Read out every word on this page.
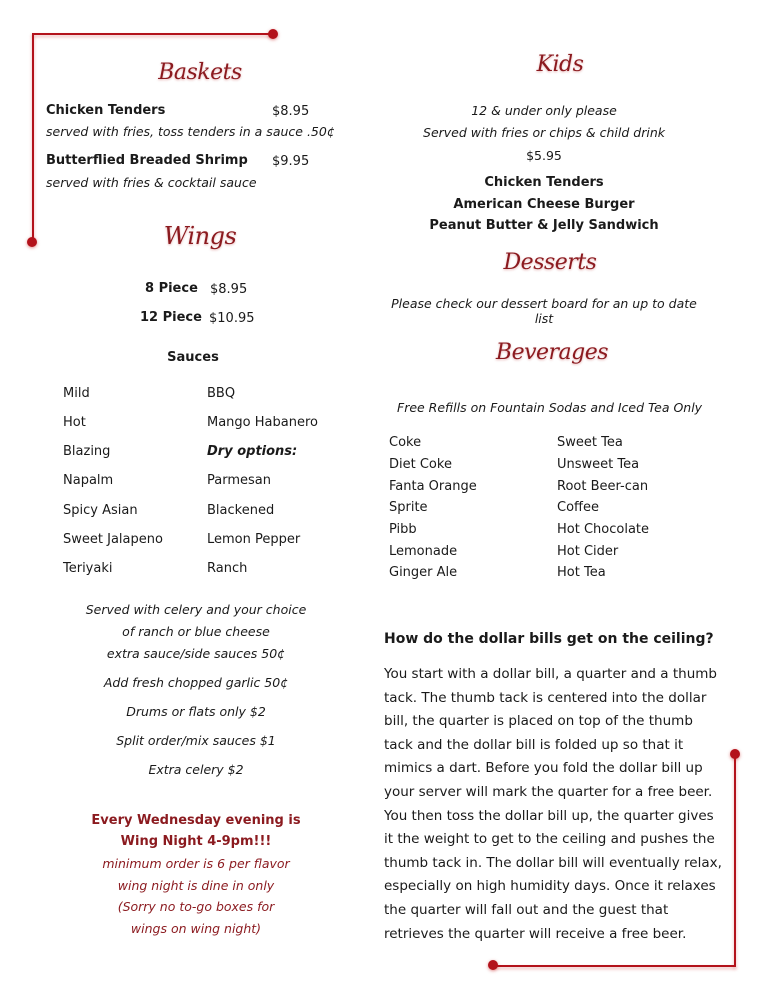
Baskets
Chicken Tenders	$8.95
served with fries, toss tenders in a sauce .50¢
Butterflied Breaded Shrimp $9.95
served with fries & cocktail sauce
Wings
8 Piece $8.95
12 Piece $10.95
Sauces
Mild
Hot
Blazing
Napalm
Spicy Asian
Sweet Jalapeno
Teriyaki
BBQ
Mango Habanero
Dry options:
Parmesan
Blackened
Lemon Pepper
Ranch
Served with celery and your choice
of ranch or blue cheese
extra sauce/side sauces 50¢
Add fresh chopped garlic 50¢
Drums or flats only $2
Split order/mix sauces $1
Extra celery $2
Every Wednesday evening is
Wing Night 4-9pm!!!
minimum order is 6 per flavor
wing night is dine in only
(Sorry no to-go boxes for
wings on wing night)
Kids
12 & under only please
Served with fries or chips & child drink
$5.95
Chicken Tenders
American Cheese Burger
Peanut Butter & Jelly Sandwich
Desserts
Please check our dessert board for an up to date list
Beverages
Free Refills on Fountain Sodas and Iced Tea Only
Coke
Diet Coke
Fanta Orange
Sprite
Pibb
Lemonade
Ginger Ale
Sweet Tea
Unsweet Tea
Root Beer-can
Coffee
Hot Chocolate
Hot Cider
Hot Tea
How do the dollar bills get on the ceiling?
You start with a dollar bill, a quarter and a thumb
tack. The thumb tack is centered into the dollar
bill, the quarter is placed on top of the thumb
tack and the dollar bill is folded up so that it
mimics a dart. Before you fold the dollar bill up
your server will mark the quarter for a free beer.
You then toss the dollar bill up, the quarter gives
it the weight to get to the ceiling and pushes the
thumb tack in. The dollar bill will eventually relax,
especially on high humidity days. Once it relaxes
the quarter will fall out and the guest that
retrieves the quarter will receive a free beer.
